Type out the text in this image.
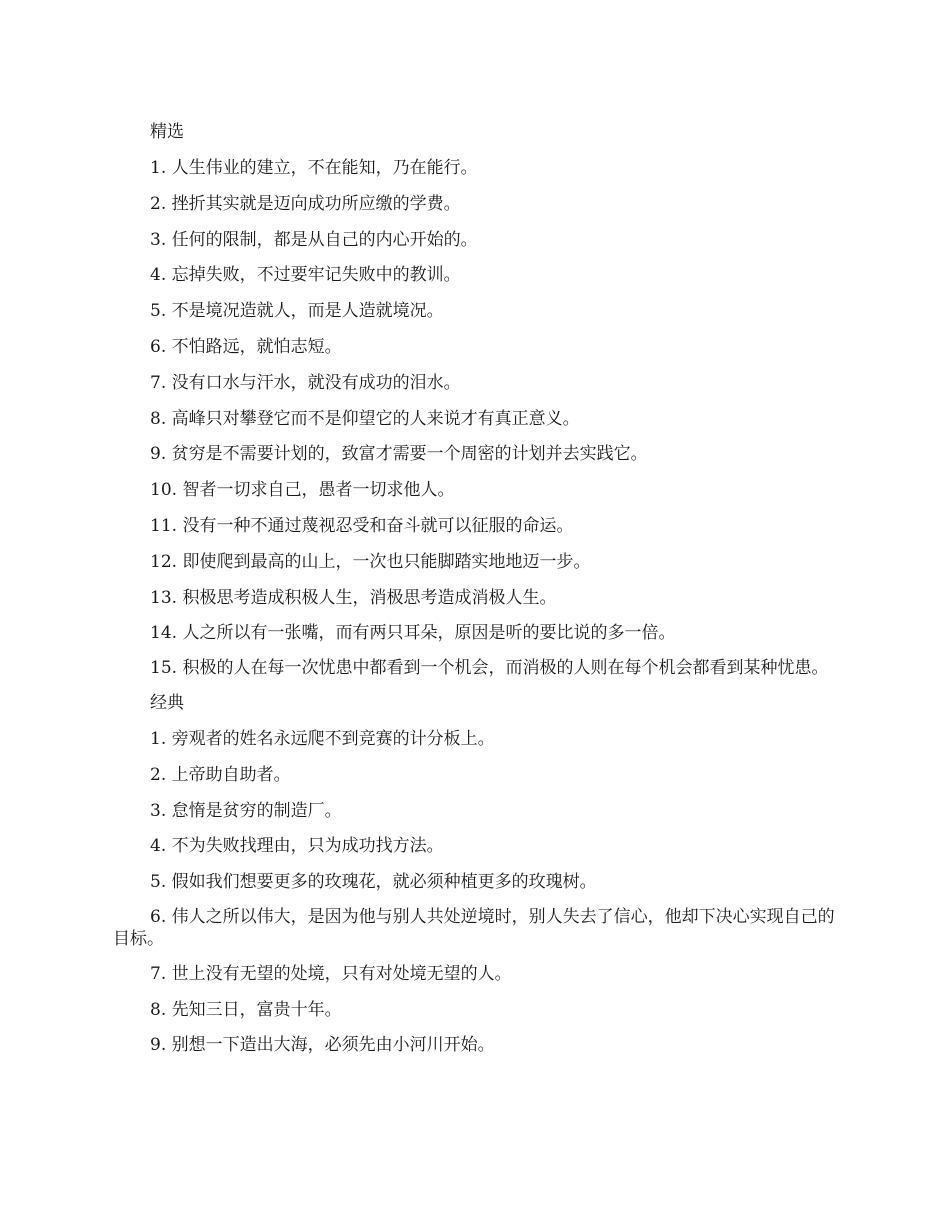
精选

1. 人生伟业的建立，不在能知，乃在能行。

2. 挫折其实就是迈向成功所应缴的学费。

3. 任何的限制，都是从自己的内心开始的。

4. 忘掉失败，不过要牢记失败中的教训。

5. 不是境况造就人，而是人造就境况。

6. 不怕路远，就怕志短。

7. 没有口水与汗水，就没有成功的泪水。

8. 高峰只对攀登它而不是仰望它的人来说才有真正意义。

9. 贫穷是不需要计划的，致富才需要一个周密的计划并去实践它。

10. 智者一切求自己，愚者一切求他人。

11. 没有一种不通过蔑视忍受和奋斗就可以征服的命运。

12. 即使爬到最高的山上，一次也只能脚踏实地地迈一步。

13. 积极思考造成积极人生，消极思考造成消极人生。

14. 人之所以有一张嘴，而有两只耳朵，原因是听的要比说的多一倍。

15. 积极的人在每一次忧患中都看到一个机会，而消极的人则在每个机会都看到某种忧患。

经典

1. 旁观者的姓名永远爬不到竞赛的计分板上。

2. 上帝助自助者。

3. 怠惰是贫穷的制造厂。

4. 不为失败找理由，只为成功找方法。

5. 假如我们想要更多的玫瑰花，就必须种植更多的玫瑰树。

6. 伟人之所以伟大，是因为他与别人共处逆境时，别人失去了信心，他却下决心实现自己的目标。

7. 世上没有无望的处境，只有对处境无望的人。

8. 先知三日，富贵十年。

9. 别想一下造出大海，必须先由小河川开始。
